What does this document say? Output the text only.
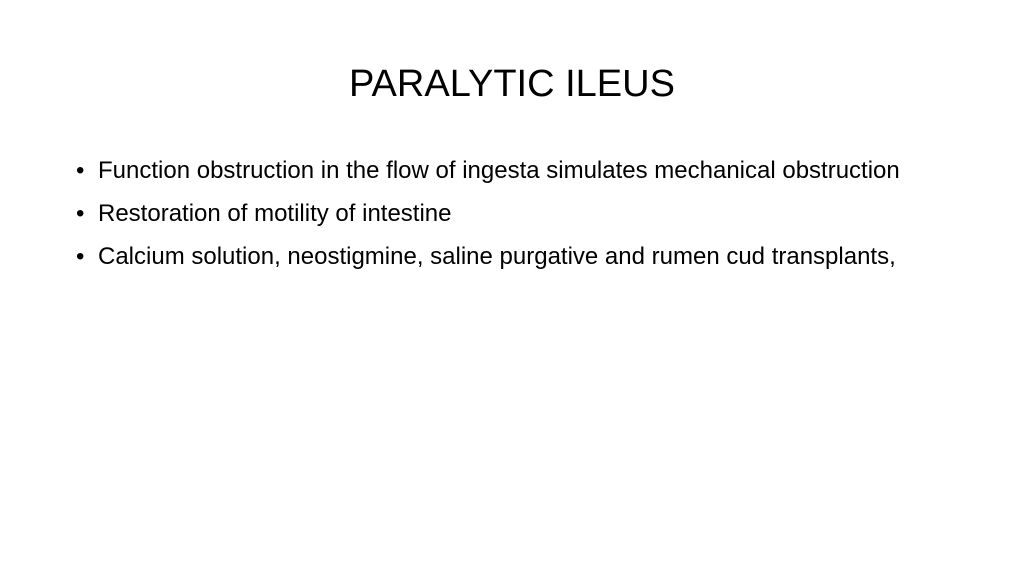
PARALYTIC ILEUS
• Function obstruction in the flow of ingesta simulates mechanical obstruction
• Restoration of motility of intestine
• Calcium solution, neostigmine, saline purgative and rumen cud transplants,
